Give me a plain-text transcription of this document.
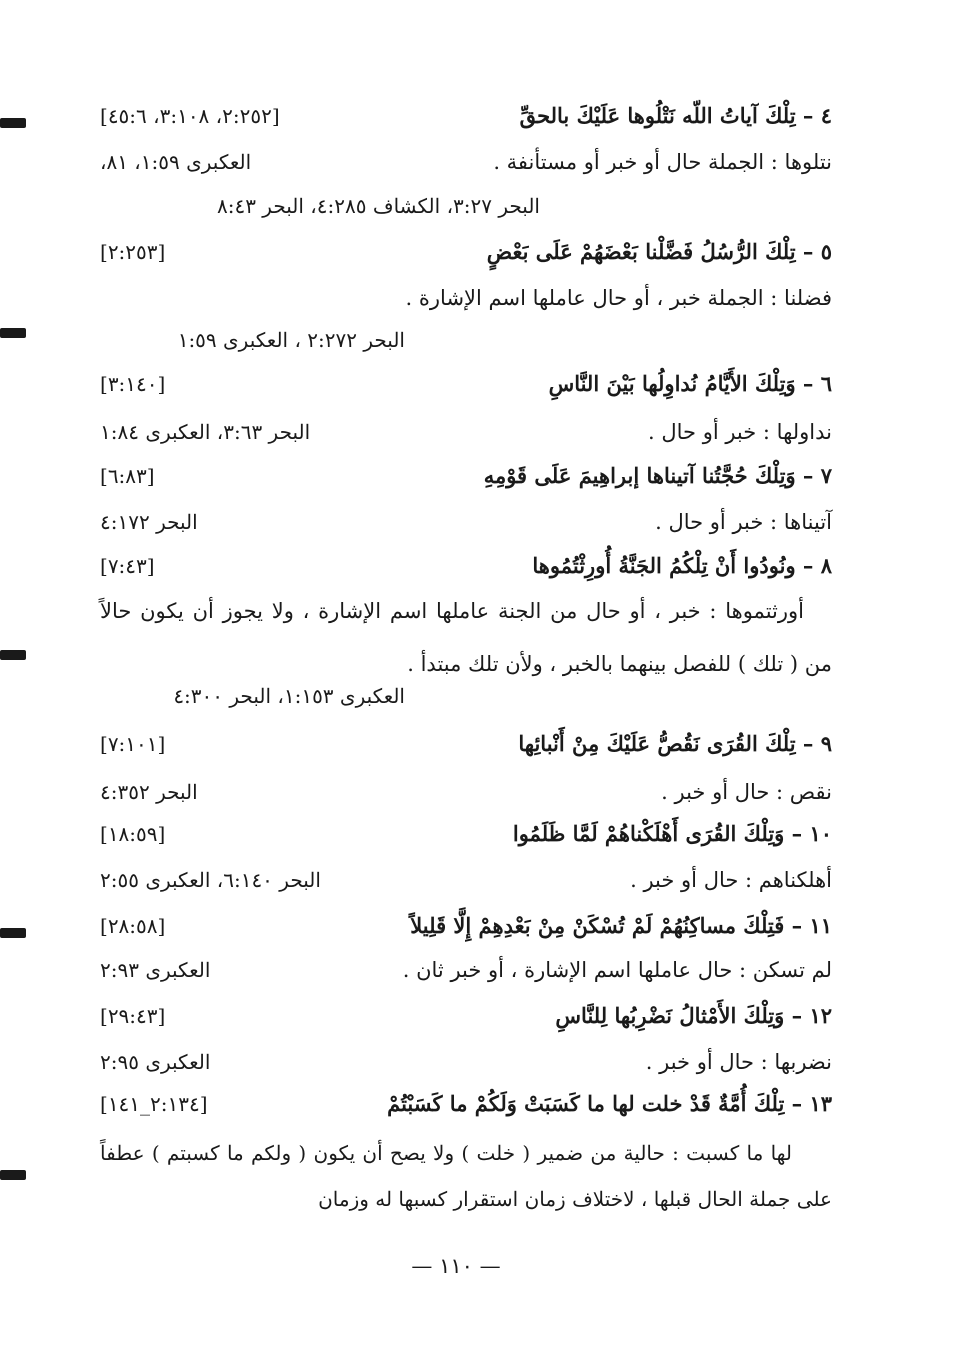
٤ – تِلْكَ آياتُ اللّه نَتْلُوها عَلَيْكَ بالحقِّ
[٢:٢٥٢، ٣:١٠٨، ٤٥:٦]
نتلوها : الجملة حال أو خبر أو مستأنفة .
العكبرى ١:٥٩، ٨١،
البحر ٣:٢٧، الكشاف ٤:٢٨٥، البحر ٨:٤٣
٥ – تِلْكَ الرُّسُلُ فَضَّلْنا بَعْضَهُمْ عَلَى بَعْضٍ
[٢:٢٥٣]
فضلنا : الجملة خبر ، أو حال عاملها اسم الإشارة .
البحر ٢:٢٧٢ ، العكبرى ١:٥٩
٦ – وَتِلْكَ الأَيَّامُ نُداوِلُها بَيْنَ النَّاسِ
[٣:١٤٠]
نداولها : خبر أو حال .
البحر ٣:٦٣، العكبرى ١:٨٤
٧ – وَتِلْكَ حُجَّتُنا آتيناها إبراهِيمَ عَلَى قَوْمِهِ
[٦:٨٣]
آتيناها : خبر أو حال .
البحر ٤:١٧٢
٨ – ونُودُوا أَنْ تِلْكُمُ الجَنَّةُ أُورِثْتُمُوها
[٧:٤٣]
أورثتموها : خبر ، أو حال من الجنة عاملها اسم الإشارة ، ولا يجوز أن يكون حالاً من ( تلك ) للفصل بينهما بالخبر ، ولأن تلك مبتدأ .
العكبرى ١:١٥٣، البحر ٤:٣٠٠
٩ – تِلْكَ القُرَى نَقُصُّ عَلَيْكَ مِنْ أَنْبائِها
[٧:١٠١]
نقص : حال أو خبر .
البحر ٤:٣٥٢
١٠ – وَتِلْكَ القُرَى أَهْلَكْناهُمْ لَمَّا ظَلَمُوا
[١٨:٥٩]
أهلكناهم : حال أو خبر .
البحر ٦:١٤٠، العكبرى ٢:٥٥
١١ – فَتِلْكَ مساكِنُهُمْ لَمْ تُسْكَنْ مِنْ بَعْدِهِمْ إِلَّا قَلِيلاً
[٢٨:٥٨]
لم تسكن : حال عاملها اسم الإشارة ، أو خبر ثان .
العكبرى ٢:٩٣
١٢ – وَتِلْكَ الأَمْثالُ نَضْرِبُها لِلنَّاسِ
[٢٩:٤٣]
نضربها : حال أو خبر .
العكبرى ٢:٩٥
١٣ – تِلْكَ أُمَّةٌ قَدْ خلت لها ما كَسَبَتْ وَلَكُمْ ما كَسَبْتُمْ
[٢:١٣٤_١٤١]
لها ما كسبت : حالية من ضمير ( خلت ) ولا يصح أن يكون ( ولكم ما كسبتم ) عطفاً على جملة الحال قبلها ، لاختلاف زمان استقرار كسبها له وزمان
— ١١٠ —
